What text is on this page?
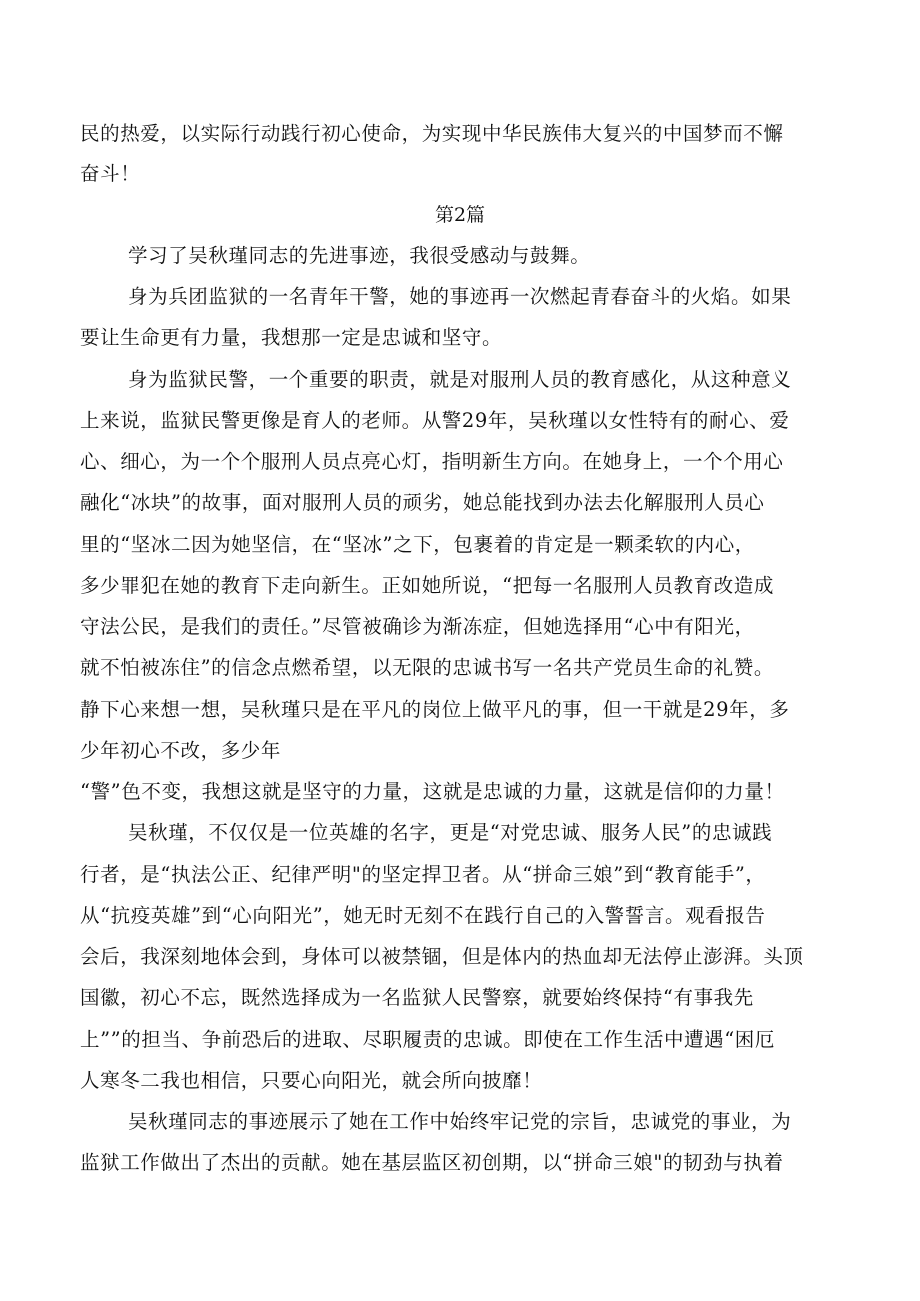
民的热爱，以实际行动践行初心使命，为实现中华民族伟大复兴的中国梦而不懈
奋斗！
第2篇
学习了吴秋瑾同志的先进事迹，我很受感动与鼓舞。
身为兵团监狱的一名青年干警，她的事迹再一次燃起青春奋斗的火焰。如果
要让生命更有力量，我想那一定是忠诚和坚守。
身为监狱民警，一个重要的职责，就是对服刑人员的教育感化，从这种意义
上来说，监狱民警更像是育人的老师。从警29年，吴秋瑾以女性特有的耐心、爱
心、细心，为一个个服刑人员点亮心灯，指明新生方向。在她身上，一个个用心
融化“冰块”的故事，面对服刑人员的顽劣，她总能找到办法去化解服刑人员心
里的“坚冰二因为她坚信，在“坚冰”之下，包裹着的肯定是一颗柔软的内心，
多少罪犯在她的教育下走向新生。正如她所说，“把每一名服刑人员教育改造成
守法公民，是我们的责任。”尽管被确诊为渐冻症，但她选择用“心中有阳光，
就不怕被冻住”的信念点燃希望，以无限的忠诚书写一名共产党员生命的礼赞。
静下心来想一想，吴秋瑾只是在平凡的岗位上做平凡的事，但一干就是29年，多
少年初心不改，多少年
“警”色不变，我想这就是坚守的力量，这就是忠诚的力量，这就是信仰的力量！
吴秋瑾，不仅仅是一位英雄的名字，更是“对党忠诚、服务人民”的忠诚践
行者，是“执法公正、纪律严明"的坚定捍卫者。从“拼命三娘”到“教育能手”，
从“抗疫英雄”到“心向阳光”，她无时无刻不在践行自己的入警誓言。观看报告
会后，我深刻地体会到，身体可以被禁锢，但是体内的热血却无法停止澎湃。头顶
国徽，初心不忘，既然选择成为一名监狱人民警察，就要始终保持“有事我先
上””的担当、争前恐后的进取、尽职履责的忠诚。即使在工作生活中遭遇“困厄
人寒冬二我也相信，只要心向阳光，就会所向披靡！
吴秋瑾同志的事迹展示了她在工作中始终牢记党的宗旨，忠诚党的事业，为
监狱工作做出了杰出的贡献。她在基层监区初创期，以“拼命三娘"的韧劲与执着
